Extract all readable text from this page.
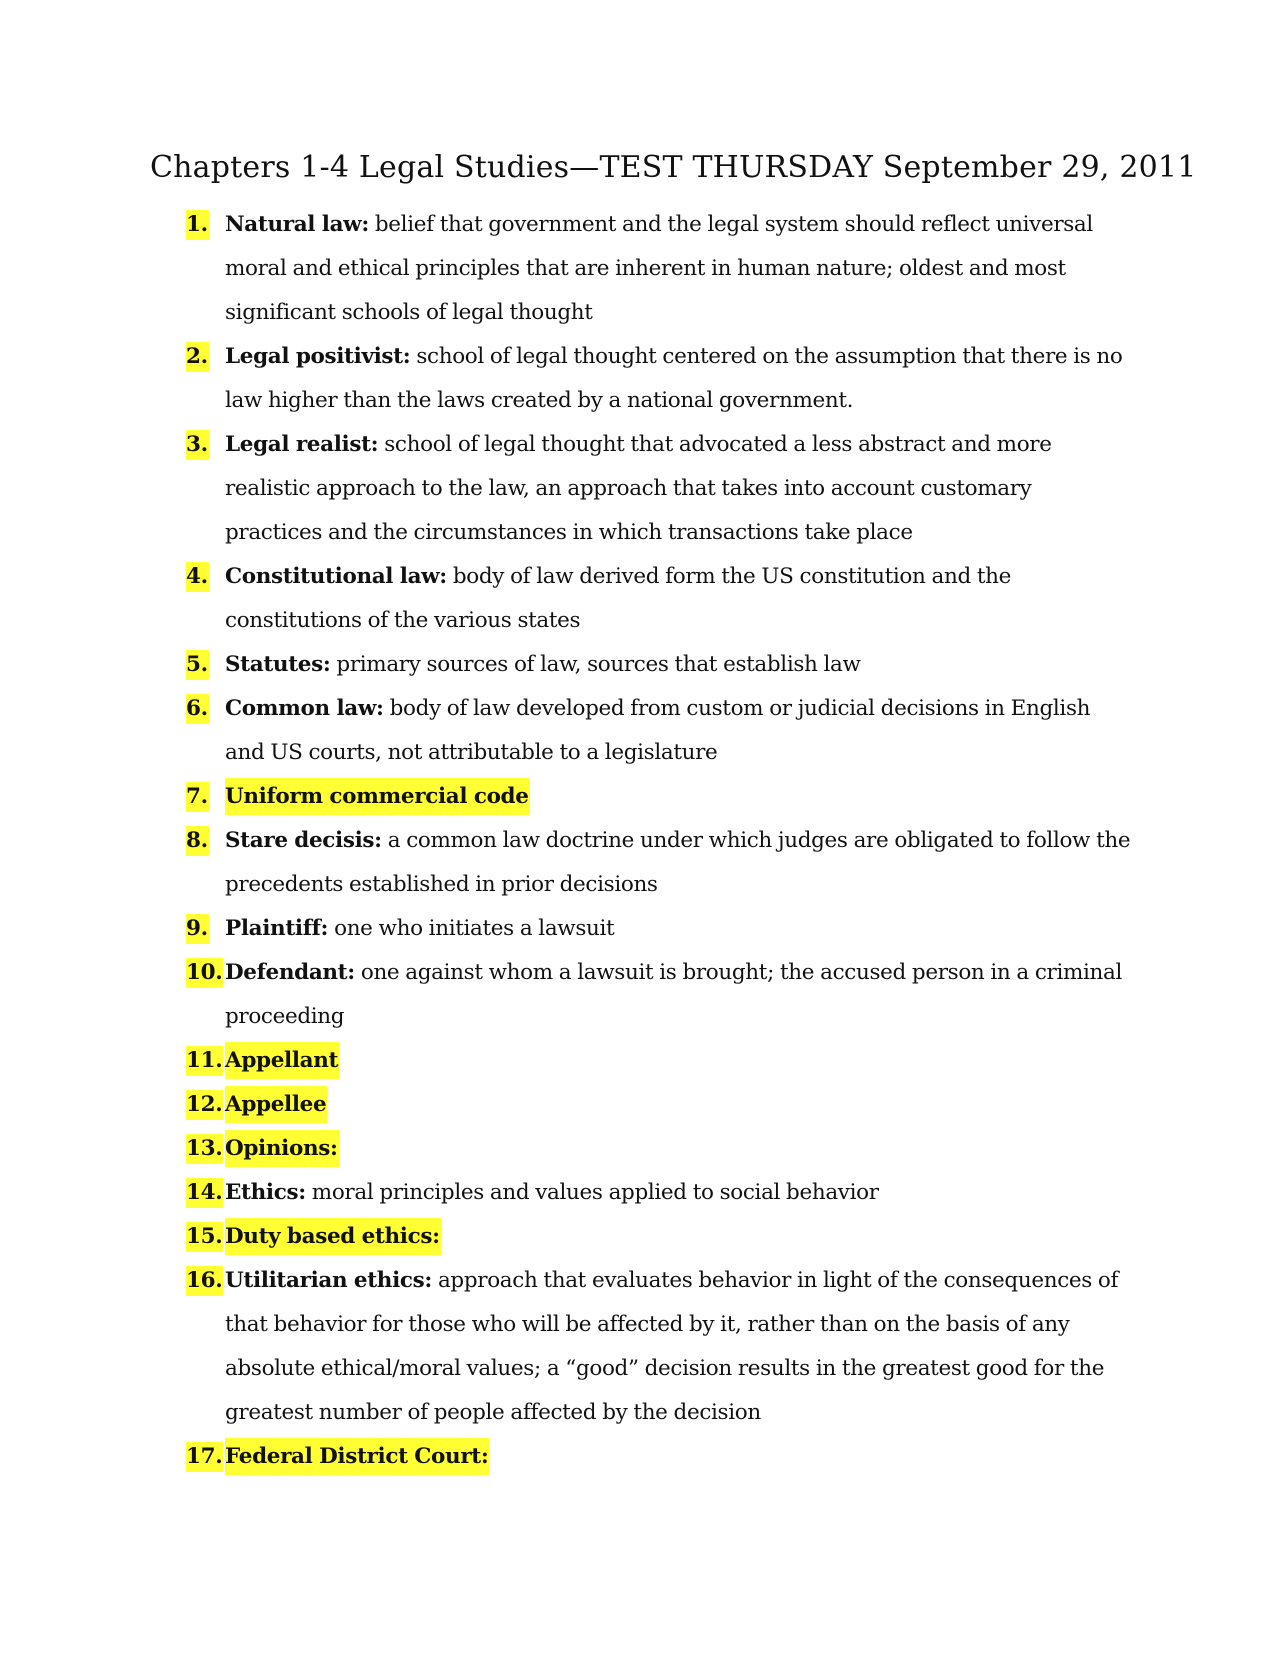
Chapters 1-4 Legal Studies—TEST THURSDAY September 29, 2011
1. Natural law: belief that government and the legal system should reflect universal moral and ethical principles that are inherent in human nature; oldest and most significant schools of legal thought
2. Legal positivist: school of legal thought centered on the assumption that there is no law higher than the laws created by a national government.
3. Legal realist: school of legal thought that advocated a less abstract and more realistic approach to the law, an approach that takes into account customary practices and the circumstances in which transactions take place
4. Constitutional law: body of law derived form the US constitution and the constitutions of the various states
5. Statutes: primary sources of law, sources that establish law
6. Common law: body of law developed from custom or judicial decisions in English and US courts, not attributable to a legislature
7. Uniform commercial code
8. Stare decisis: a common law doctrine under which judges are obligated to follow the precedents established in prior decisions
9. Plaintiff: one who initiates a lawsuit
10. Defendant: one against whom a lawsuit is brought; the accused person in a criminal proceeding
11. Appellant
12. Appellee
13. Opinions:
14. Ethics: moral principles and values applied to social behavior
15. Duty based ethics:
16. Utilitarian ethics: approach that evaluates behavior in light of the consequences of that behavior for those who will be affected by it, rather than on the basis of any absolute ethical/moral values; a “good” decision results in the greatest good for the greatest number of people affected by the decision
17. Federal District Court:
